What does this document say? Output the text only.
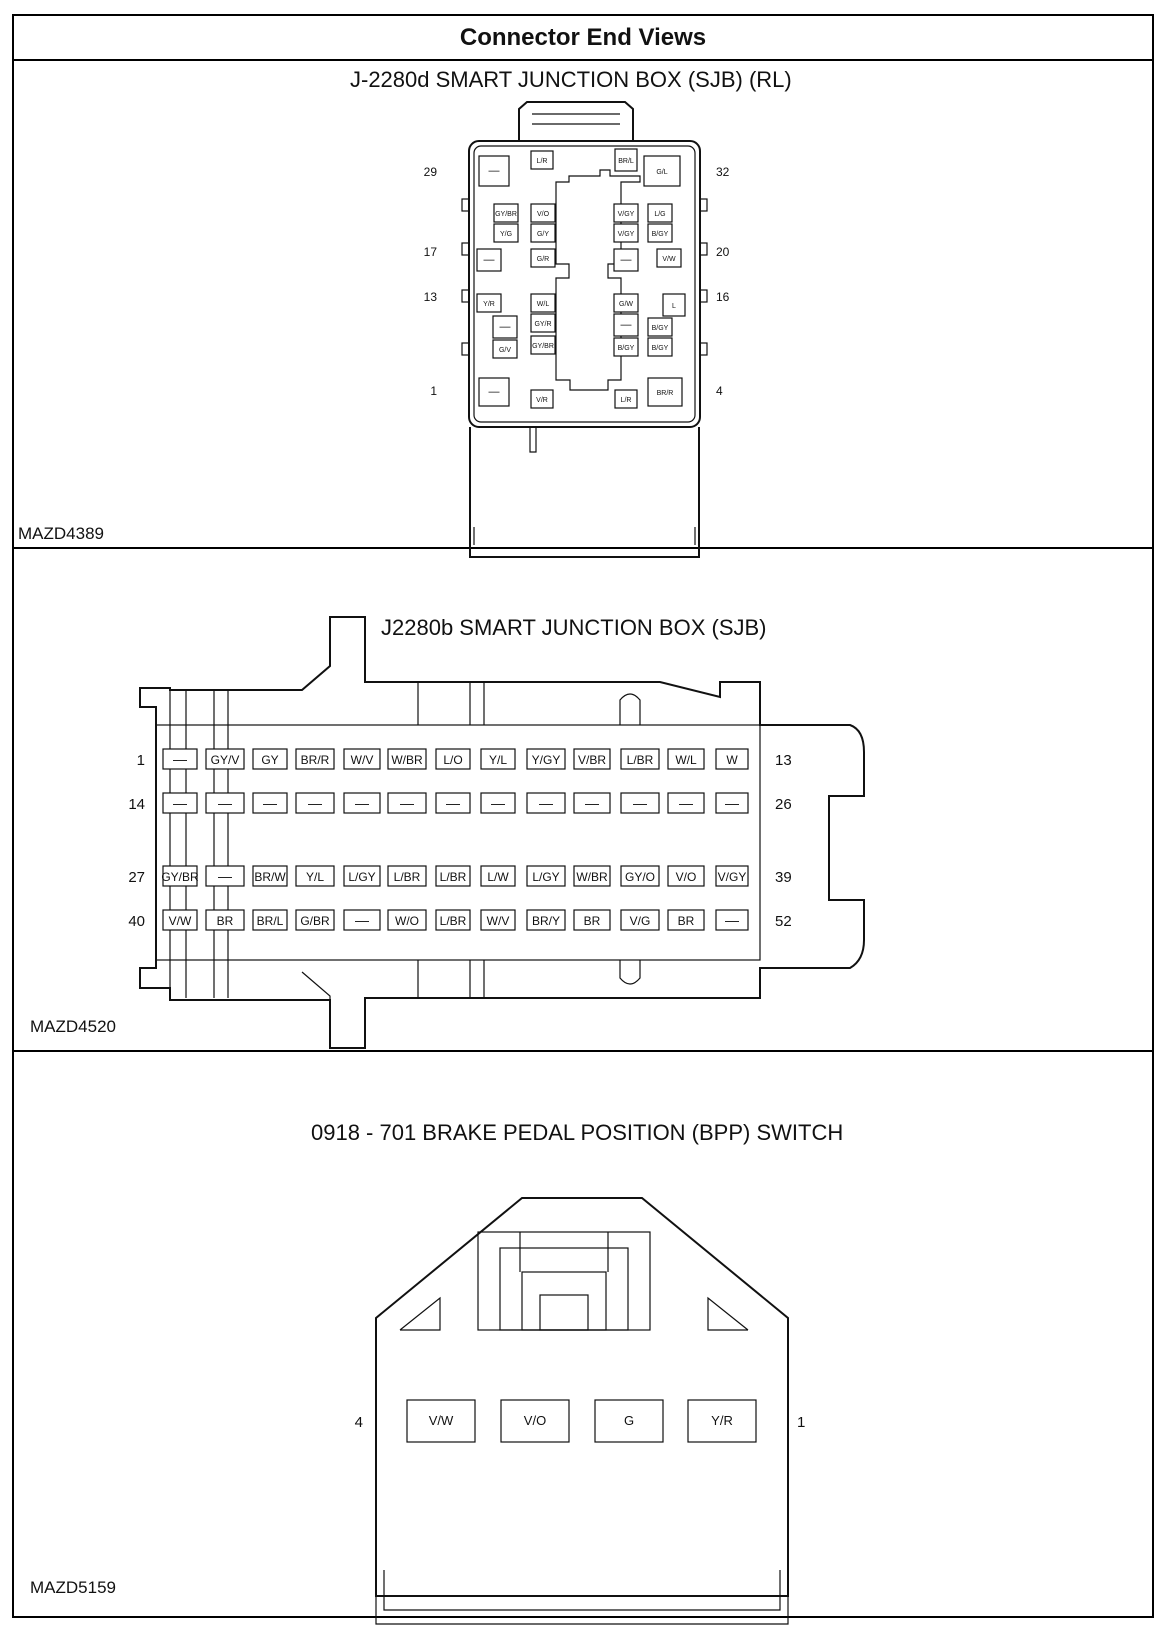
Connector End Views
J-2280d SMART JUNCTION BOX (SJB) (RL)
MAZD4389
29	32
17	20
13	16
1	4
—
L/R	BR/L
G/L
GY/BR	V/O	V/GY	L/G
Y/G	G/Y	V/GY B/GY
—	G/R	—	V/W
Y/R	W/L	G/W	L
—	GY/R	—	B/GY
G/V
GY/BR	B/GY B/GY
—
V/R	L/R
BR/R
J2280b SMART JUNCTION BOX (SJB)
MAZD4520
— GY/V GY BR/R W/V W/BR L/O Y/L Y/GY V/BR L/BR W/L W
1	13
— — — — — — — — — — — — —
14	26
GY/BR — BR/W Y/L L/GY L/BR L/BR L/W L/GY W/BR GY/O V/O V/GY
27	39
V/W BR BR/L G/BR — W/O L/BR W/V BR/Y BR V/G BR —
40	52
0918 - 701 BRAKE PEDAL POSITION (BPP) SWITCH
MAZD5159
V/W	V/O	G	Y/R
4	1
